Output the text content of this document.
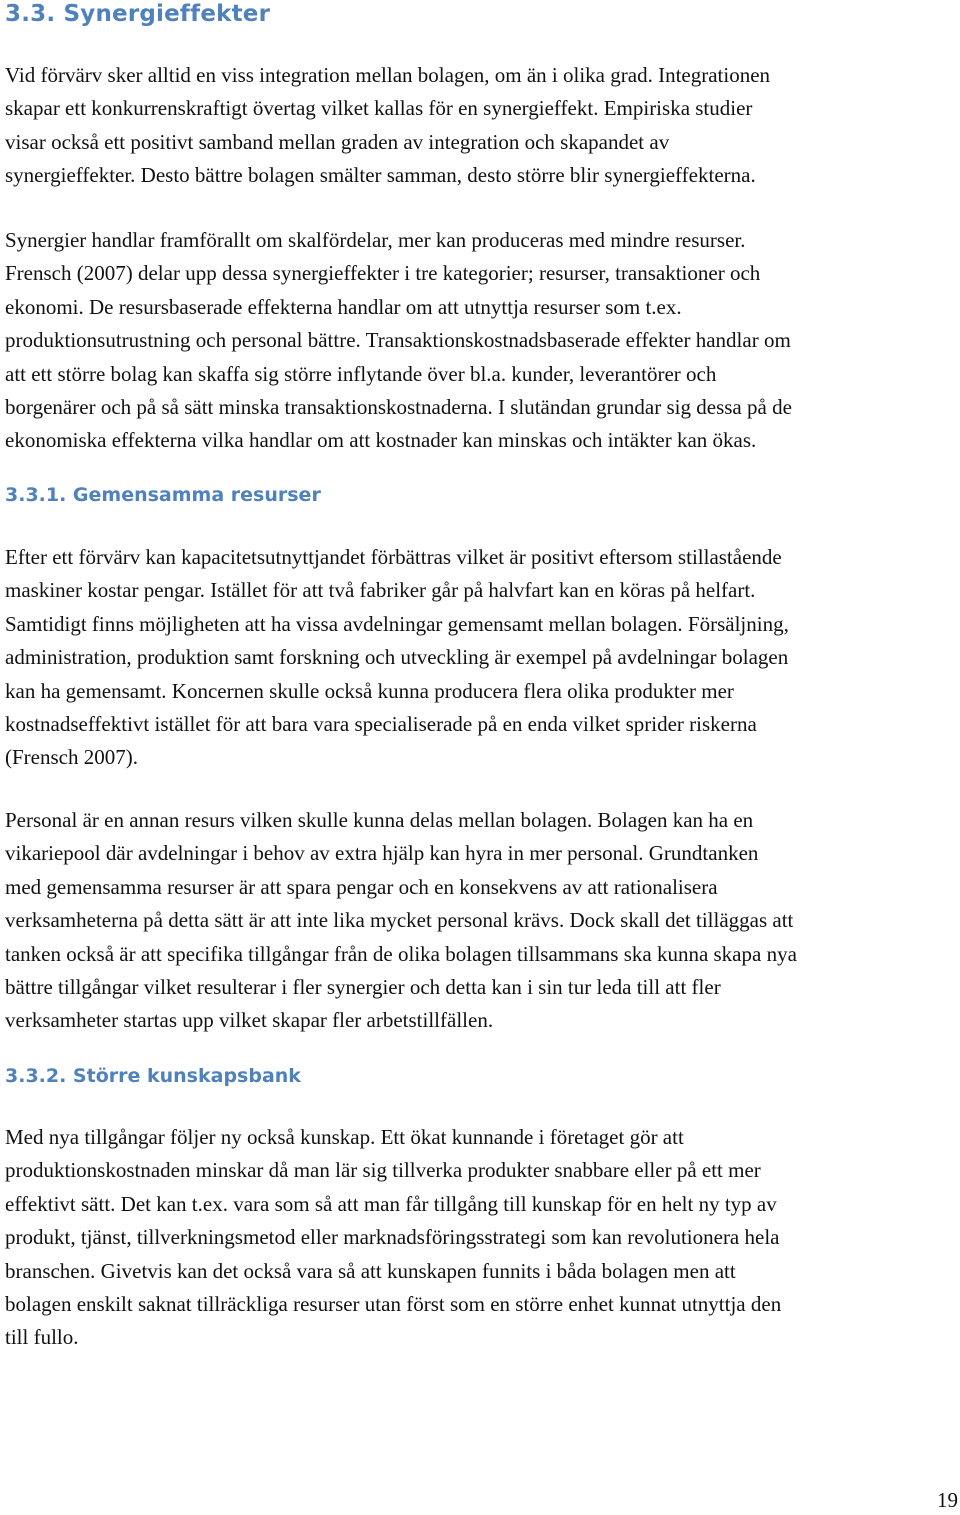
3.3. Synergieffekter

Vid förvärv sker alltid en viss integration mellan bolagen, om än i olika grad. Integrationen
skapar ett konkurrenskraftigt övertag vilket kallas för en synergieffekt. Empiriska studier
visar också ett positivt samband mellan graden av integration och skapandet av
synergieffekter. Desto bättre bolagen smälter samman, desto större blir synergieffekterna.

Synergier handlar framförallt om skalfördelar, mer kan produceras med mindre resurser.
Frensch (2007) delar upp dessa synergieffekter i tre kategorier; resurser, transaktioner och
ekonomi. De resursbaserade effekterna handlar om att utnyttja resurser som t.ex.
produktionsutrustning och personal bättre. Transaktionskostnadsbaserade effekter handlar om
att ett större bolag kan skaffa sig större inflytande över bl.a. kunder, leverantörer och
borgenärer och på så sätt minska transaktionskostnaderna. I slutändan grundar sig dessa på de
ekonomiska effekterna vilka handlar om att kostnader kan minskas och intäkter kan ökas.

3.3.1. Gemensamma resurser

Efter ett förvärv kan kapacitetsutnyttjandet förbättras vilket är positivt eftersom stillastående
maskiner kostar pengar. Istället för att två fabriker går på halvfart kan en köras på helfart.
Samtidigt finns möjligheten att ha vissa avdelningar gemensamt mellan bolagen. Försäljning,
administration, produktion samt forskning och utveckling är exempel på avdelningar bolagen
kan ha gemensamt. Koncernen skulle också kunna producera flera olika produkter mer
kostnadseffektivt istället för att bara vara specialiserade på en enda vilket sprider riskerna
(Frensch 2007).

Personal är en annan resurs vilken skulle kunna delas mellan bolagen. Bolagen kan ha en
vikariepool där avdelningar i behov av extra hjälp kan hyra in mer personal. Grundtanken
med gemensamma resurser är att spara pengar och en konsekvens av att rationalisera
verksamheterna på detta sätt är att inte lika mycket personal krävs. Dock skall det tilläggas att
tanken också är att specifika tillgångar från de olika bolagen tillsammans ska kunna skapa nya
bättre tillgångar vilket resulterar i fler synergier och detta kan i sin tur leda till att fler
verksamheter startas upp vilket skapar fler arbetstillfällen.

3.3.2. Större kunskapsbank

Med nya tillgångar följer ny också kunskap. Ett ökat kunnande i företaget gör att
produktionskostnaden minskar då man lär sig tillverka produkter snabbare eller på ett mer
effektivt sätt. Det kan t.ex. vara som så att man får tillgång till kunskap för en helt ny typ av
produkt, tjänst, tillverkningsmetod eller marknadsföringsstrategi som kan revolutionera hela
branschen. Givetvis kan det också vara så att kunskapen funnits i båda bolagen men att
bolagen enskilt saknat tillräckliga resurser utan först som en större enhet kunnat utnyttja den
till fullo.

19
